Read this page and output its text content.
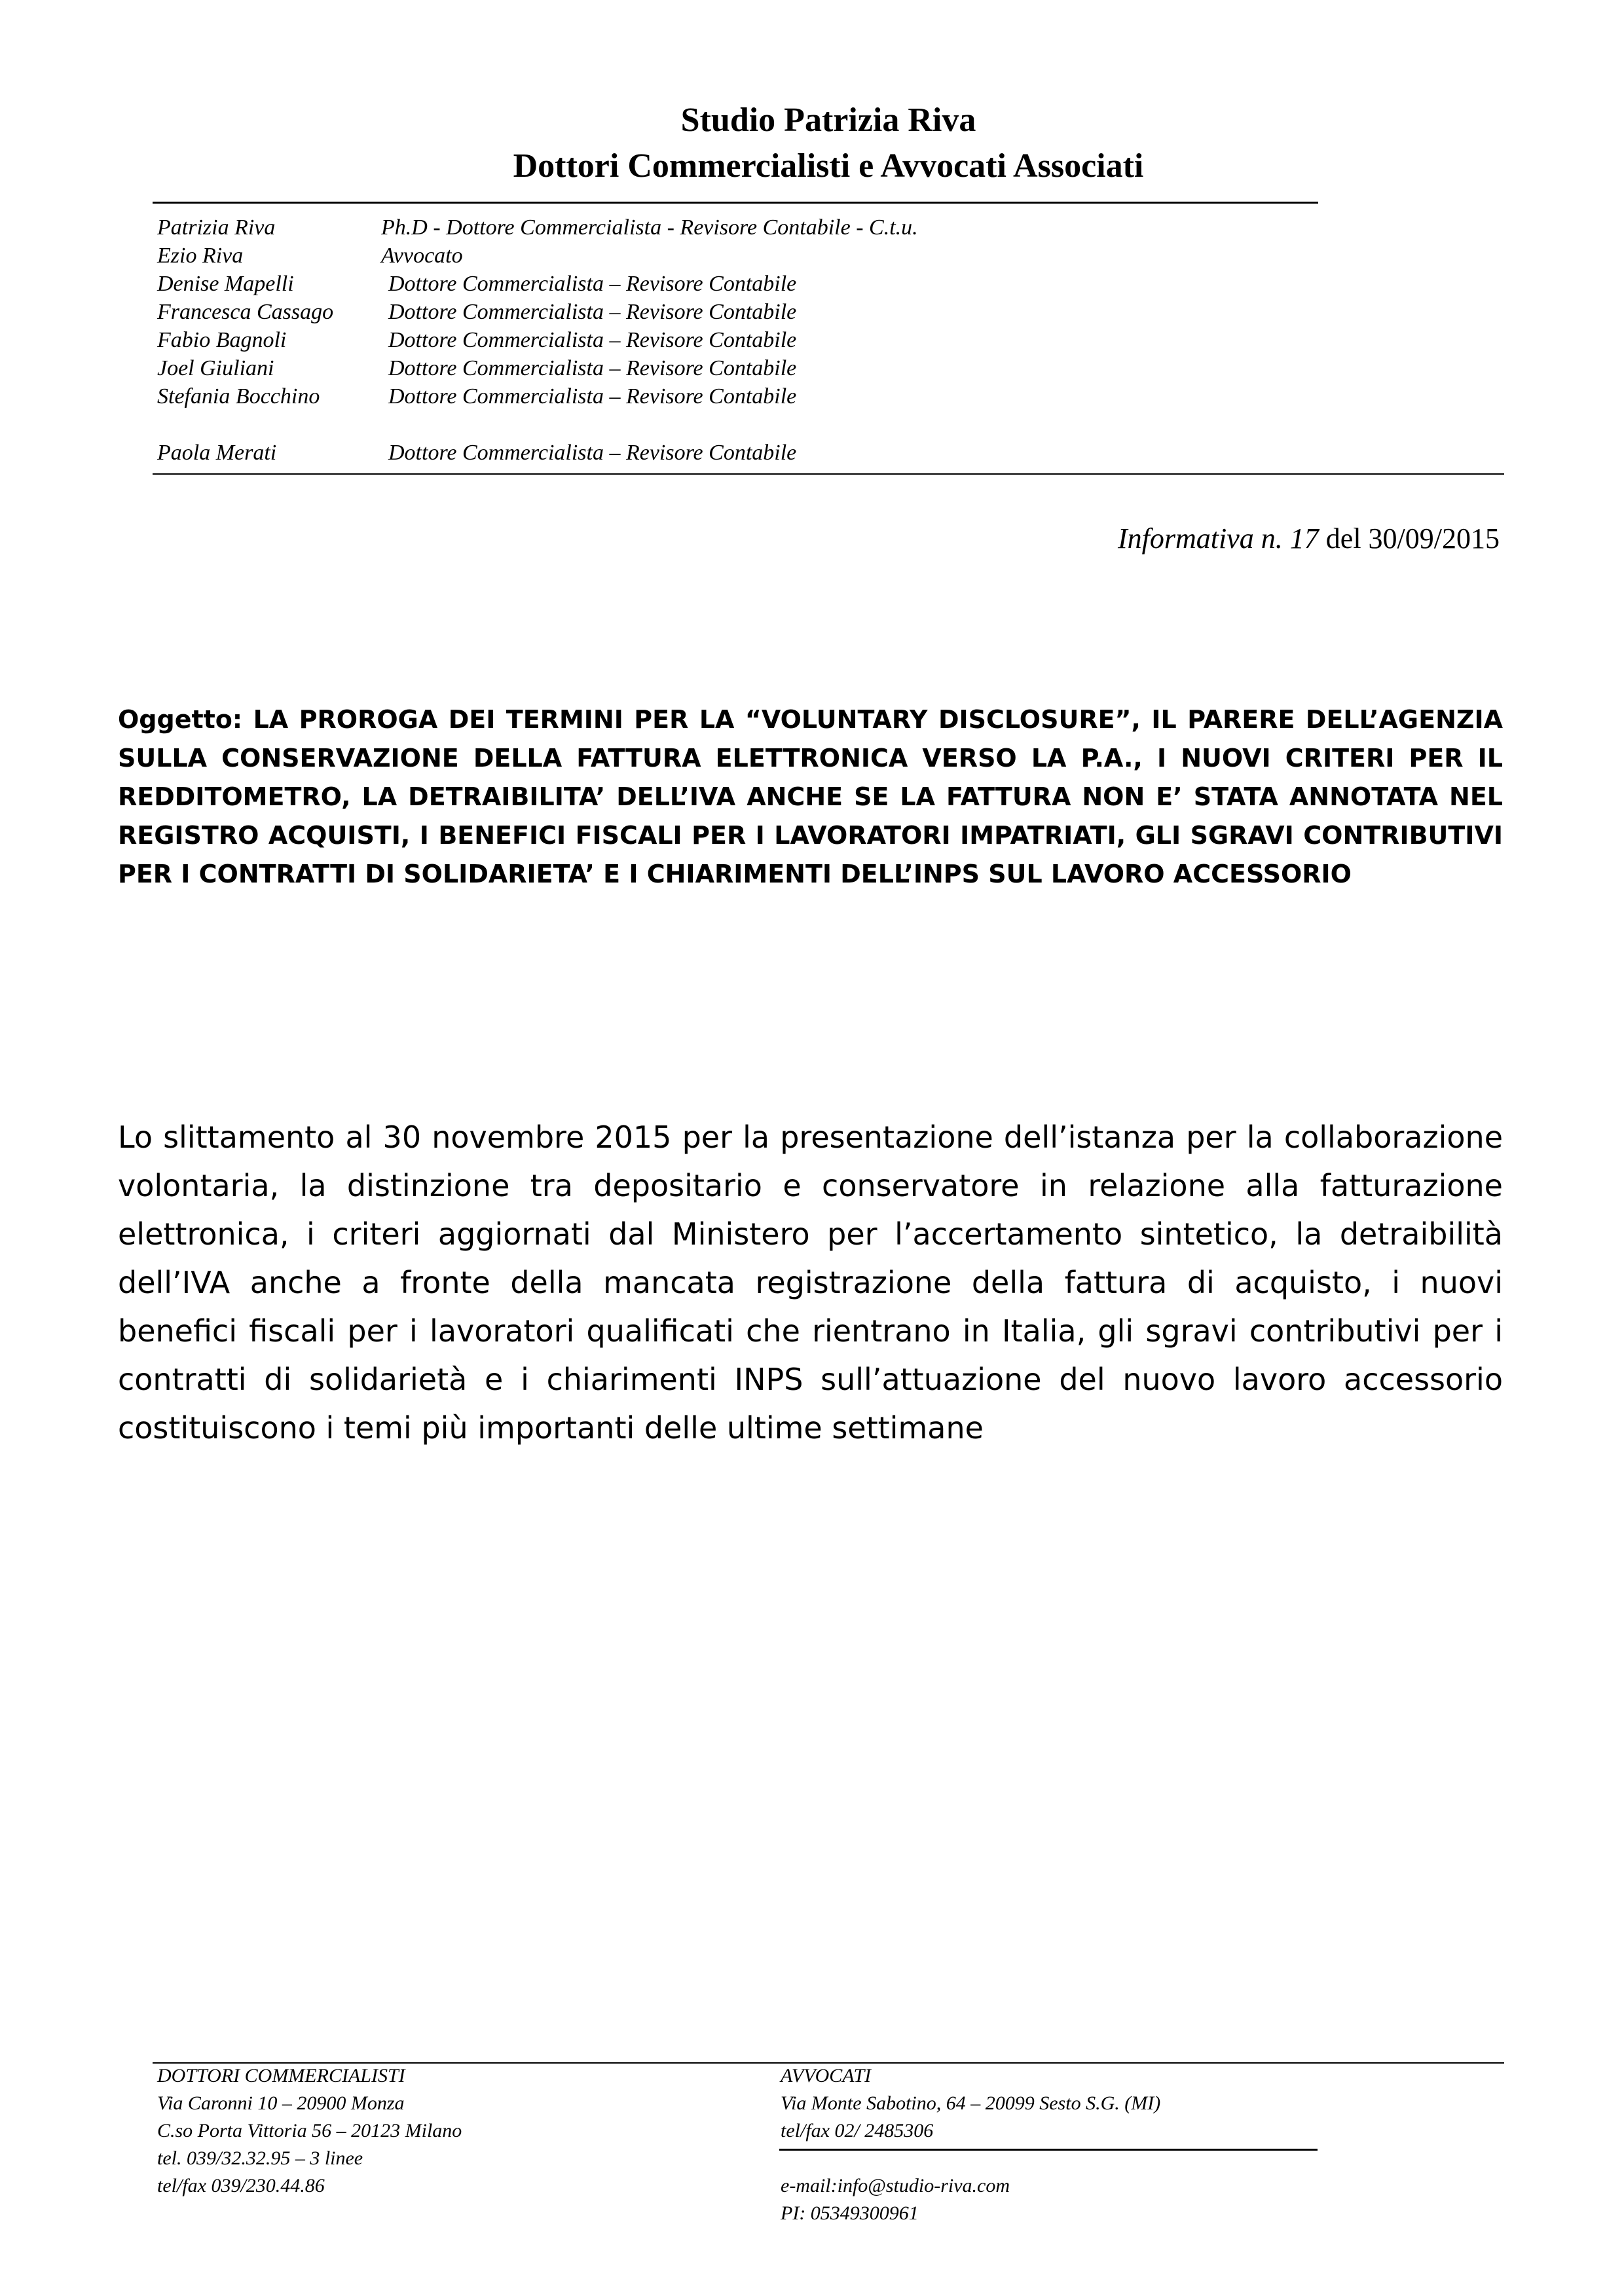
Studio Patrizia Riva
Dottori Commercialisti e Avvocati Associati
Patrizia Riva	Ph.D - Dottore Commercialista - Revisore Contabile - C.t.u.
Ezio Riva	Avvocato
Denise Mapelli	Dottore Commercialista – Revisore Contabile
Francesca Cassago Dottore Commercialista – Revisore Contabile
Fabio Bagnoli	Dottore Commercialista – Revisore Contabile
Joel Giuliani	Dottore Commercialista – Revisore Contabile
Stefania Bocchino	Dottore Commercialista – Revisore Contabile
Paola Merati	Dottore Commercialista – Revisore Contabile
Informativa n. 17 del 30/09/2015
Oggetto: LA PROROGA DEI TERMINI PER LA “VOLUNTARY DISCLOSURE”, IL PARERE DELL’AGENZIA SULLA CONSERVAZIONE DELLA FATTURA ELETTRONICA VERSO LA P.A., I NUOVI CRITERI PER IL REDDITOMETRO, LA DETRAIBILITA’ DELL’IVA ANCHE SE LA FATTURA NON E’ STATA ANNOTATA NEL REGISTRO ACQUISTI, I BENEFICI FISCALI PER I LAVORATORI IMPATRIATI, GLI SGRAVI CONTRIBUTIVI PER I CONTRATTI DI SOLIDARIETA’ E I CHIARIMENTI DELL’INPS SUL LAVORO ACCESSORIO
Lo slittamento al 30 novembre 2015 per la presentazione dell’istanza per la collaborazione volontaria, la distinzione tra depositario e conservatore in relazione alla fatturazione elettronica, i criteri aggiornati dal Ministero per l’accertamento sintetico, la detraibilità dell’IVA anche a fronte della mancata registrazione della fattura di acquisto, i nuovi benefici fiscali per i lavoratori qualificati che rientrano in Italia, gli sgravi contributivi per i contratti di solidarietà e i chiarimenti INPS sull’attuazione del nuovo lavoro accessorio costituiscono i temi più importanti delle ultime settimane
DOTTORI COMMERCIALISTI
Via Caronni 10 – 20900 Monza
C.so Porta Vittoria 56 – 20123 Milano
tel. 039/32.32.95 – 3 linee
tel/fax 039/230.44.86
AVVOCATI
Via Monte Sabotino, 64 – 20099 Sesto S.G. (MI)
tel/fax 02/ 2485306
e-mail:info@studio-riva.com
PI: 05349300961
